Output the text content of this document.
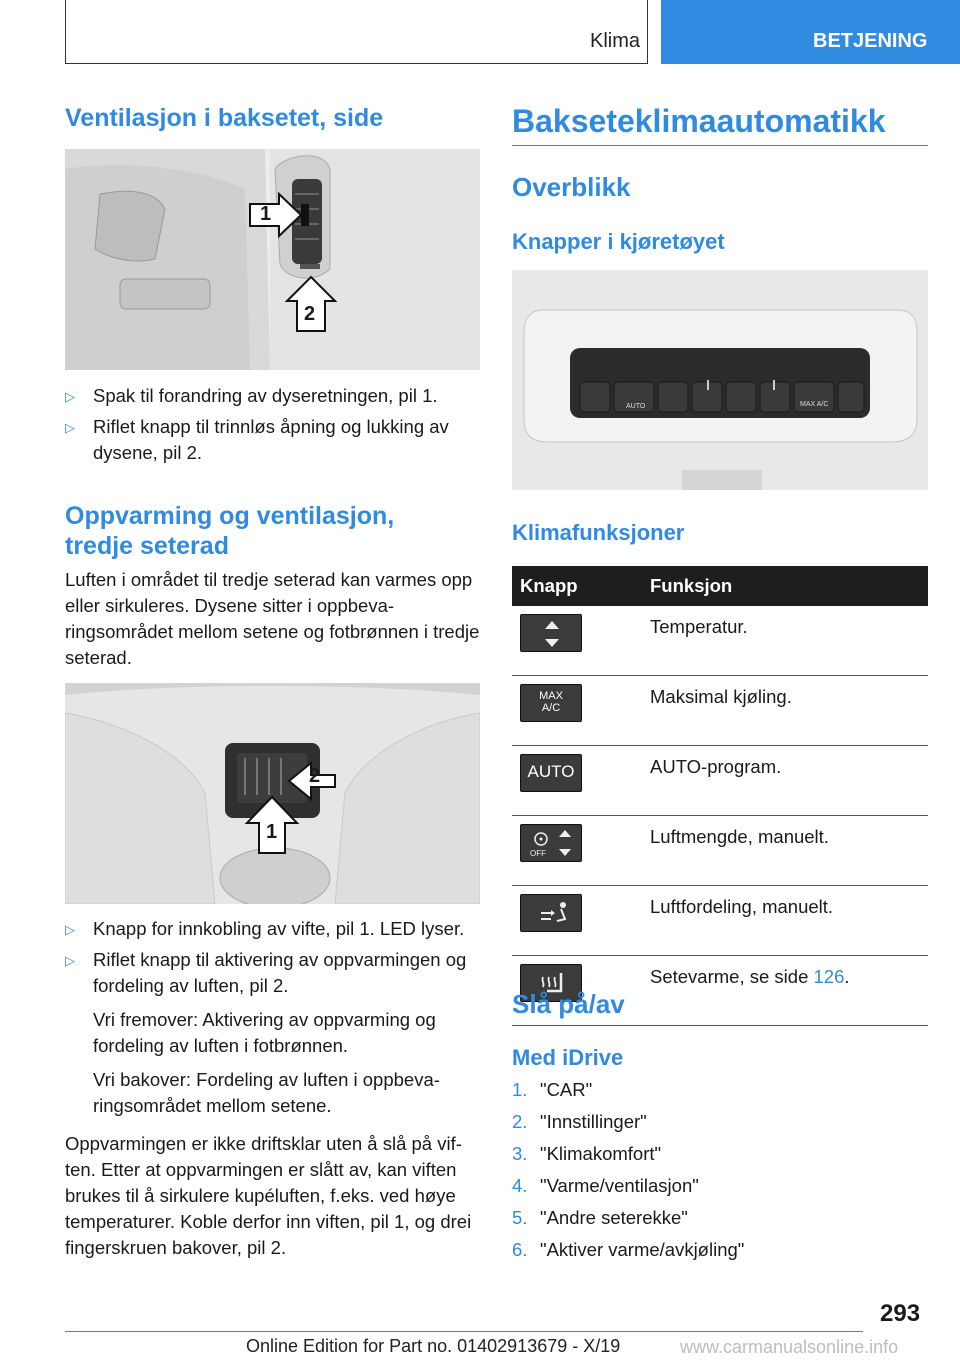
Klima	BETJENING
Ventilasjon i baksetet, side
1
2
▷ Spak til forandring av dyseretningen, pil 1.
▷ Riflet knapp til trinnløs åpning og lukking av dysene, pil 2.
Oppvarming og ventilasjon, tredje seterad
Luften i området til tredje seterad kan varmes opp eller sirkuleres. Dysene sitter i oppbevaringsområdet mellom setene og fotbrønnen i tredje seterad.
2
1
▷ Knapp for innkobling av vifte, pil 1. LED lyser.
▷ Riflet knapp til aktivering av oppvarmingen og fordeling av luften, pil 2.
Vri fremover: Aktivering av oppvarming og fordeling av luften i fotbrønnen.
Vri bakover: Fordeling av luften i oppbevaringsområdet mellom setene.
Oppvarmingen er ikke driftsklar uten å slå på viften. Etter at oppvarmingen er slått av, kan viften brukes til å sirkulere kupéluften, f.eks. ved høye temperaturer. Koble derfor inn viften, pil 1, og drei fingerskruen bakover, pil 2.
Bakseteklimaautomatikk
Overblikk
Knapper i kjøretøyet
AUTO	MAX A/C
Klimafunksjoner
Knapp	Funksjon

	Temperatur.

MAX
A/C	Maksimal kjøling.

AUTO	AUTO-program.

OFF	Luftmengde, manuelt.

	Luftfordeling, manuelt.

	Setevarme, se side 126.
Slå på/av
Med iDrive
1. "CAR"
2. "Innstillinger"
3. "Klimakomfort"
4. "Varme/ventilasjon"
5. "Andre seterekke"
6. "Aktiver varme/avkjøling"
293
Online Edition for Part no. 01402913679 - X/19	www.carmanualsonline.info
